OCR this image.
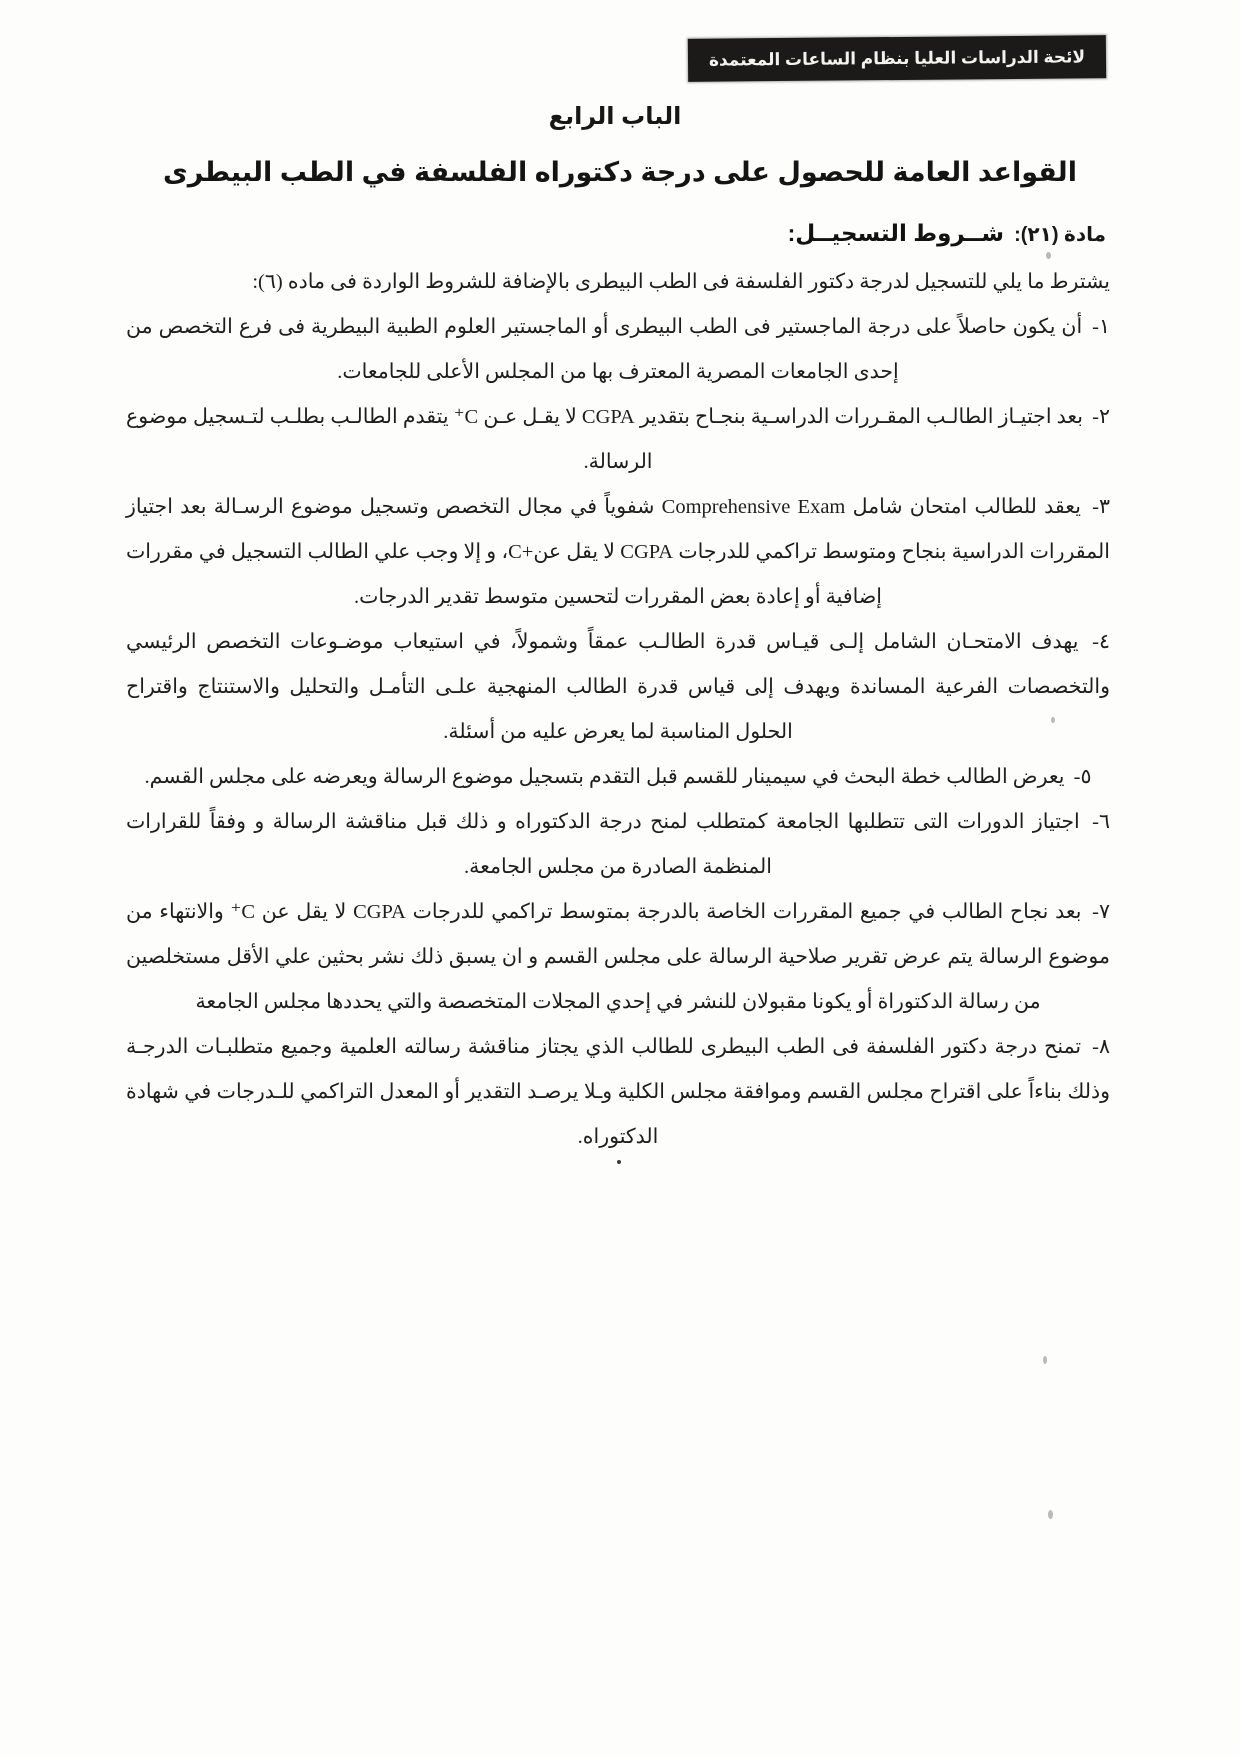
لائحة الدراسات العليا بنظام الساعات المعتمدة
الباب الرابع
القواعد العامة للحصول على درجة دكتوراه الفلسفة في الطب البيطرى
مادة (٢١): شــروط التسجيــل:

يشترط ما يلي للتسجيل لدرجة دكتور الفلسفة فى الطب البيطرى بالإضافة للشروط الواردة فى ماده (٦):

١- أن يكون حاصلاً على درجة الماجستير فى الطب البيطرى أو الماجستير العلوم الطبية البيطرية فى فرع التخصص من إحدى الجامعات المصرية المعترف بها من المجلس الأعلى للجامعات.

٢- بعد اجتيـاز الطالـب المقـررات الدراسـية بنجـاح بتقدير CGPA لا يقـل عـن C⁺ يتقدم الطالـب بطلـب لتـسجيل موضوع الرسالة.

٣- يعقد للطالب امتحان شامل Comprehensive Exam شفوياً في مجال التخصص وتسجيل موضوع الرسـالة بعد اجتياز المقررات الدراسية بنجاح ومتوسط تراكمي للدرجات CGPA لا يقل عن+C، و إلا وجب علي الطالب التسجيل في مقررات إضافية أو إعادة بعض المقررات لتحسين متوسط تقدير الدرجات.

٤- يهدف الامتحـان الشامل إلـى قيـاس قدرة الطالـب عمقاً وشمولاً، في استيعاب موضـوعات التخصص الرئيسي والتخصصات الفرعية المساندة ويهدف إلى قياس قدرة الطالب المنهجية علـى التأمـل والتحليل والاستنتاج واقتراح الحلول المناسبة لما يعرض عليه من أسئلة.

٥- يعرض الطالب خطة البحث في سيمينار للقسم قبل التقدم بتسجيل موضوع الرسالة ويعرضه على مجلس القسم.

٦- اجتياز الدورات التى تتطلبها الجامعة كمتطلب لمنح درجة الدكتوراه و ذلك قبل مناقشة الرسالة و وفقاً للقرارات المنظمة الصادرة من مجلس الجامعة.

٧- بعد نجاح الطالب في جميع المقررات الخاصة بالدرجة بمتوسط تراكمي للدرجات CGPA لا يقل عن C⁺ والانتهاء من موضوع الرسالة يتم عرض تقرير صلاحية الرسالة على مجلس القسم و ان يسبق ذلك نشر بحثين علي الأقل مستخلصين من رسالة الدكتوراة أو يكونا مقبولان للنشر في إحدي المجلات المتخصصة والتي يحددها مجلس الجامعة

٨- تمنح درجة دكتور الفلسفة فى الطب البيطرى للطالب الذي يجتاز مناقشة رسالته العلمية وجميع متطلبـات الدرجـة وذلك بناءاً على اقتراح مجلس القسم وموافقة مجلس الكلية وـلا يرصـد التقدير أو المعدل التراكمي للـدرجات في شهادة الدكتوراه.
